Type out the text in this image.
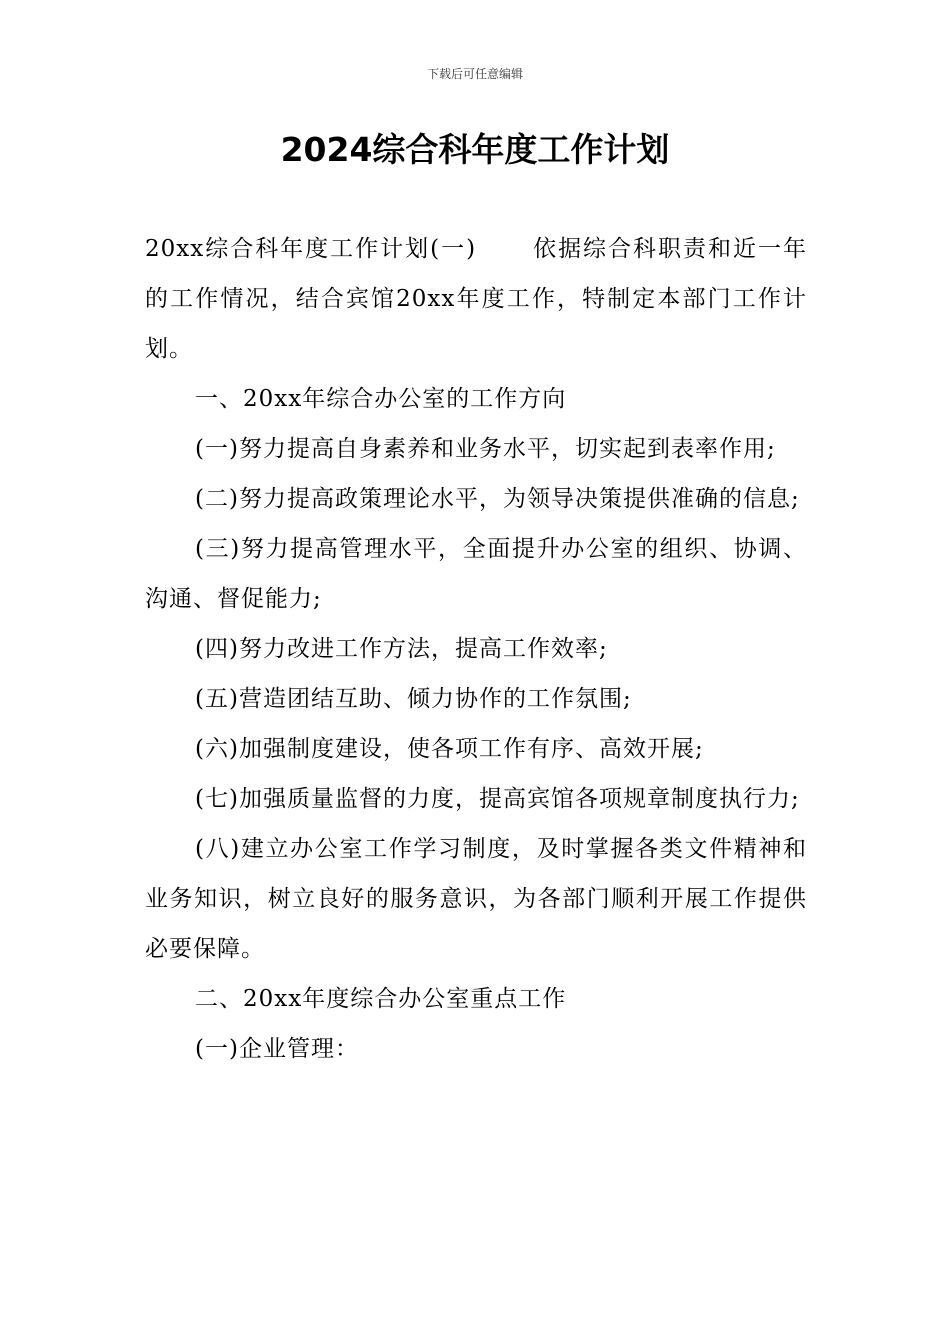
下载后可任意编辑
2024综合科年度工作计划

20xx综合科年度工作计划(一) 依据综合科职责和近一年的工作情况，结合宾馆20xx年度工作，特制定本部门工作计划。

一、20xx年综合办公室的工作方向

(一)努力提高自身素养和业务水平，切实起到表率作用;

(二)努力提高政策理论水平，为领导决策提供准确的信息;

(三)努力提高管理水平，全面提升办公室的组织、协调、沟通、督促能力;

(四)努力改进工作方法，提高工作效率;

(五)营造团结互助、倾力协作的工作氛围;

(六)加强制度建设，使各项工作有序、高效开展;

(七)加强质量监督的力度，提高宾馆各项规章制度执行力;

(八)建立办公室工作学习制度，及时掌握各类文件精神和业务知识，树立良好的服务意识，为各部门顺利开展工作提供必要保障。

二、20xx年度综合办公室重点工作

(一)企业管理：
